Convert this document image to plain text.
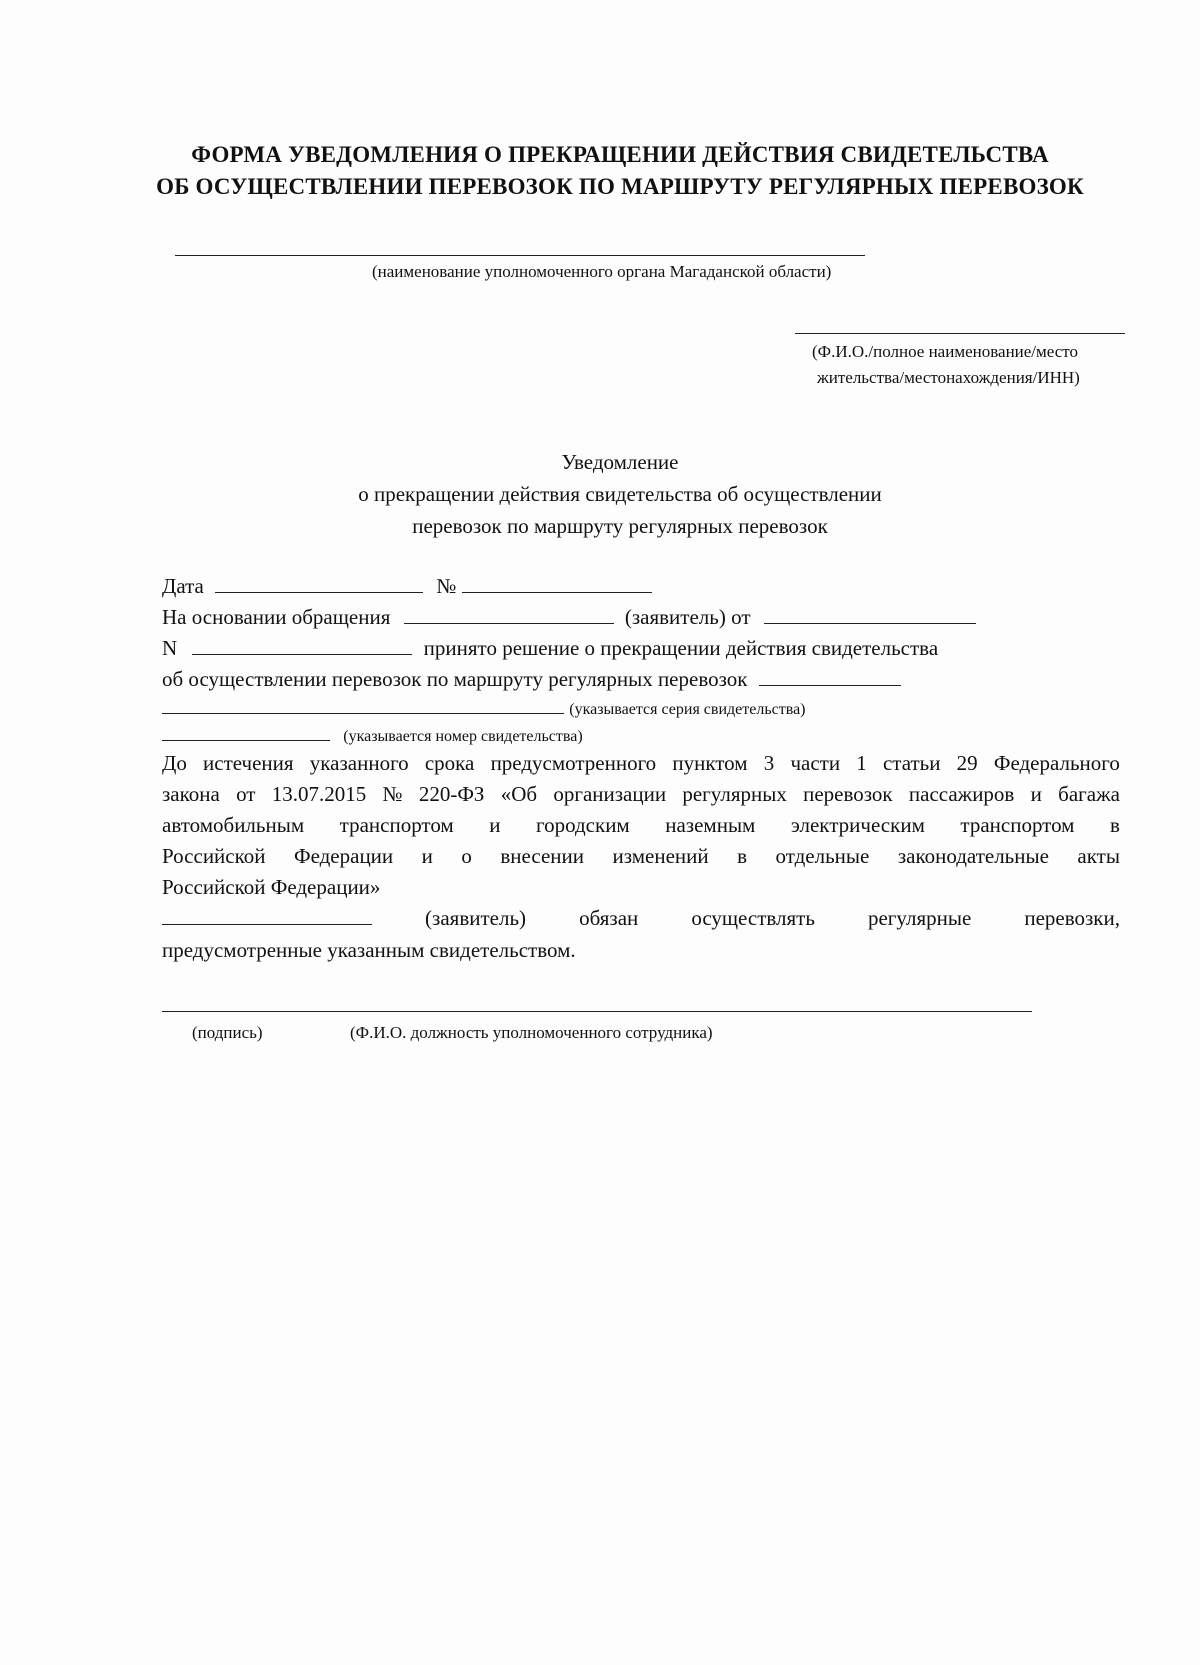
ФОРМА УВЕДОМЛЕНИЯ О ПРЕКРАЩЕНИИ ДЕЙСТВИЯ СВИДЕТЕЛЬСТВА
ОБ ОСУЩЕСТВЛЕНИИ ПЕРЕВОЗОК ПО МАРШРУТУ РЕГУЛЯРНЫХ ПЕРЕВОЗОК
(наименование уполномоченного органа Магаданской области)
(Ф.И.О./полное наименование/место
жительства/местонахождения/ИНН)
Уведомление
о прекращении действия свидетельства об осуществлении
перевозок по маршруту регулярных перевозок
Дата	№
На основании обращения	(заявитель) от
N	принято решение о прекращении действия свидетельства
об осуществлении перевозок по маршруту регулярных перевозок
(указывается серия свидетельства)
(указывается номер свидетельства)
До истечения указанного срока предусмотренного пунктом 3 части 1 статьи 29 Федерального
закона от 13.07.2015 № 220-ФЗ «Об организации регулярных перевозок пассажиров и багажа
автомобильным транспортом и городским наземным электрическим транспортом в
Российской Федерации и о внесении изменений в отдельные законодательные акты
Российской Федерации»
(заявитель)	обязан	осуществлять	регулярные	перевозки,
предусмотренные указанным свидетельством.
(подпись)	(Ф.И.О. должность уполномоченного сотрудника)
